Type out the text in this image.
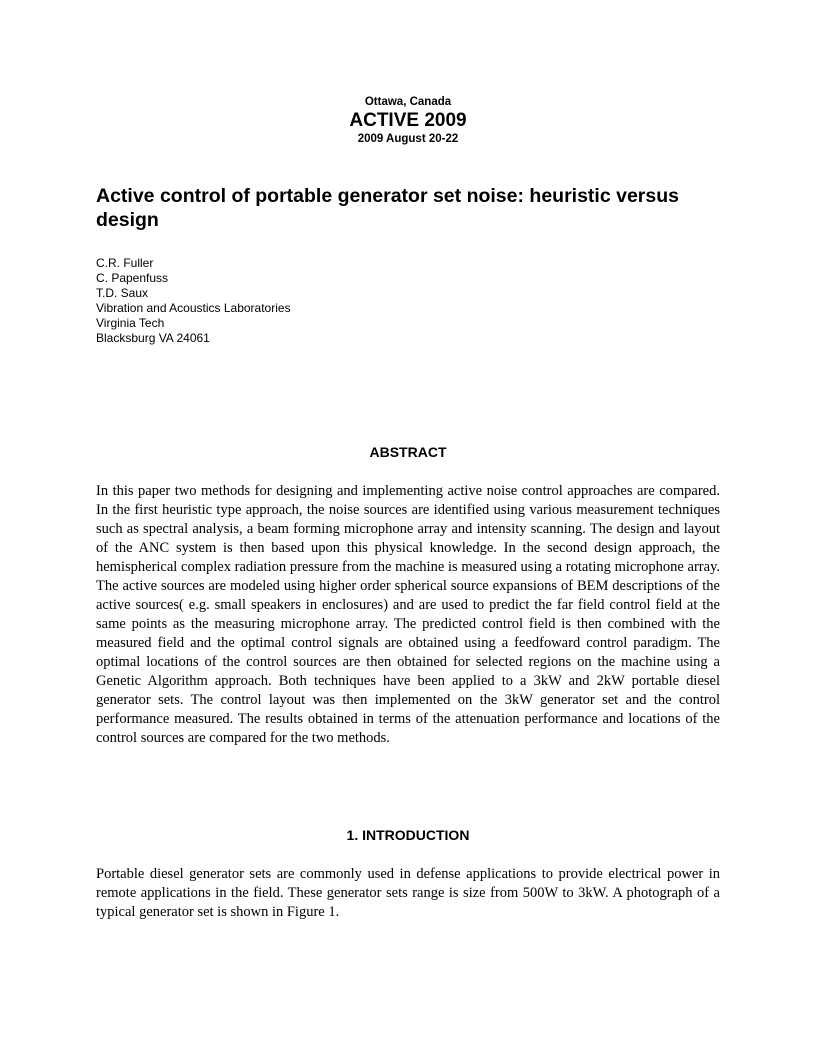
Ottawa, Canada
ACTIVE 2009
2009 August 20-22
Active control of portable generator set noise: heuristic versus design
C.R. Fuller
C. Papenfuss
T.D. Saux
Vibration and Acoustics Laboratories
Virginia Tech
Blacksburg VA 24061
ABSTRACT

In this paper two methods for designing and implementing active noise control approaches are compared. In the first heuristic type approach, the noise sources are identified using various measurement techniques such as spectral analysis, a beam forming microphone array and intensity scanning. The design and layout of the ANC system is then based upon this physical knowledge. In the second design approach, the hemispherical complex radiation pressure from the machine is measured using a rotating microphone array. The active sources are modeled using higher order spherical source expansions of BEM descriptions of the active sources( e.g. small speakers in enclosures) and are used to predict the far field control field at the same points as the measuring microphone array. The predicted control field is then combined with the measured field and the optimal control signals are obtained using a feedfoward control paradigm. The optimal locations of the control sources are then obtained for selected regions on the machine using a Genetic Algorithm approach. Both techniques have been applied to a 3kW and 2kW portable diesel generator sets. The control layout was then implemented on the 3kW generator set and the control performance measured. The results obtained in terms of the attenuation performance and locations of the control sources are compared for the two methods.

1. INTRODUCTION

Portable diesel generator sets are commonly used in defense applications to provide electrical power in remote applications in the field. These generator sets range is size from 500W to 3kW. A photograph of a typical generator set is shown in Figure 1.
